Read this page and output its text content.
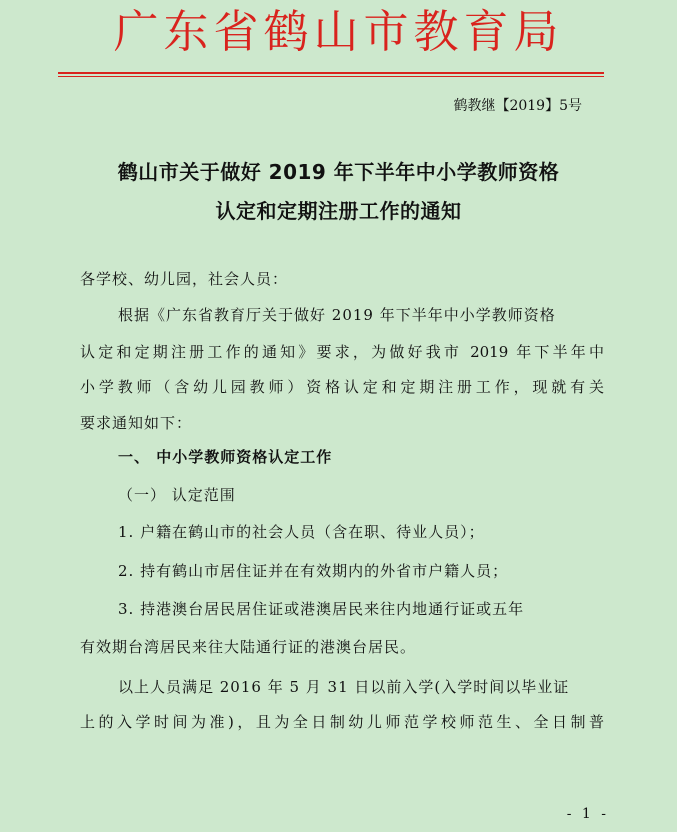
广东省鹤山市教育局
鹤教继【2019】5号
鹤山市关于做好 2019 年下半年中小学教师资格
认定和定期注册工作的通知
各学校、幼儿园，社会人员：
根据《广东省教育厅关于做好 2019 年下半年中小学教师资格
认定和定期注册工作的通知》要求，为做好我市 2019 年下半年中
小学教师（含幼儿园教师）资格认定和定期注册工作，现就有关
要求通知如下：
一、 中小学教师资格认定工作
（一） 认定范围
1. 户籍在鹤山市的社会人员（含在职、待业人员）；
2. 持有鹤山市居住证并在有效期内的外省市户籍人员；
3. 持港澳台居民居住证或港澳居民来往内地通行证或五年
有效期台湾居民来往大陆通行证的港澳台居民。
以上人员满足 2016 年 5 月 31 日以前入学(入学时间以毕业证
上的入学时间为准)，且为全日制幼儿师范学校师范生、全日制普
- 1 -
